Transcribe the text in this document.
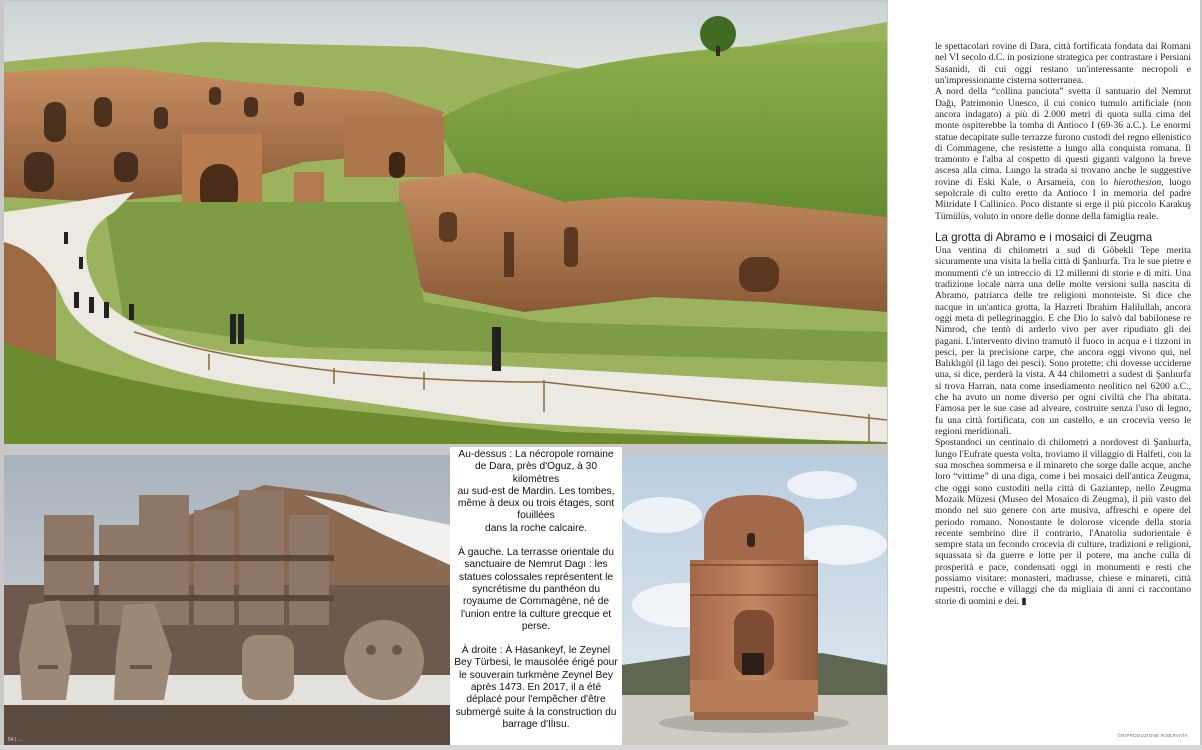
Au-dessus : La nécropole romaine
de Dara, près d'Oguz, à 30
kilomètres
au sud-est de Mardin. Les tombes,
même à deux ou trois étages, sont
fouillées
dans la roche calcaire.

À gauche. La terrasse orientale du
sanctuaire de Nemrut Dagı : les
statues colossales représentent le
syncrétisme du panthéon du
royaume de Commagène, né de
l'union entre la culture grecque et
perse.

À droite : À Hasankeyf, le Zeynel
Bey Türbesi, le mausolée érigé pour
le souverain turkmène Zeynel Bey
après 1473. En 2017, il a été
déplacé pour l'empêcher d'être
submergé suite à la construction du
barrage d'Ilısu.

le spettacolari rovine di Dara, città fortificata fondata dai Romani nel VI secolo d.C. in posizione strategica per contrastare i Persiani Sasanidi, di cui oggi restano un'interessante necropoli e un'impressionante cisterna sotterranea.

A nord della “collina panciuta” svetta il santuario del Nemrut Dağı, Patrimonio Unesco, il cui conico tumulo artificiale (non ancora indagato) a più di 2.000 metri di quota sulla cima del monte ospiterebbe la tomba di Antioco I (69-36 a.C.). Le enormi statue decapitate sulle terrazze furono custodi del regno ellenistico di Commagene, che resistette a lungo alla conquista romana. Il tramonto e l'alba al cospetto di questi giganti valgono la breve ascesa alla cima. Lungo la strada si trovano anche le suggestive rovine di Eski Kale, o Arsameia, con lo hierothesion, luogo sepolcrale di culto eretto da Antioco I in memoria del padre Mitridate I Callinico. Poco distante si erge il più piccolo Karakuş Tümülüs, voluto in onore delle donne della famiglia reale.

La grotta di Abramo e i mosaici di Zeugma

Una ventina di chilometri a sud di Göbekli Tepe merita sicuramente una visita la bella città di Şanlıurfa. Tra le sue pietre e monumenti c'è un intreccio di 12 millenni di storie e di miti. Una tradizione locale narra una delle molte versioni sulla nascita di Abramo, patriarca delle tre religioni monoteiste. Si dice che nacque in un'antica grotta, la Hazreti Ibrahim Halilullah, ancora oggi meta di pellegrinaggio. E che Dio lo salvò dal babilonese re Nimrod, che tentò di arderlo vivo per aver ripudiato gli dei pagani. L'intervento divino tramutò il fuoco in acqua e i tizzoni in pesci, per la precisione carpe, che ancora oggi vivono qui, nel Balıklıgöl (il lago dei pesci). Sono protette: chi dovesse ucciderne una, si dice, perderà la vista. A 44 chilometri a sudest di Şanlıurfa si trova Harran, nata come insediamento neolitico nel 6200 a.C., che ha avuto un nome diverso per ogni civiltà che l'ha abitata. Famosa per le sue case ad alveare, costruite senza l'uso di legno, fu una città fortificata, con un castello, e un crocevia verso le regioni meridionali.

Spostandoci un centinaio di chilometri a nordovest di Şanlıurfa, lungo l'Eufrate questa volta, troviamo il villaggio di Halfeti, con la sua moschea sommersa e il minareto che sorge dalle acque, anche loro “vittime” di una diga, come i bei mosaici dell'antica Zeugma, che oggi sono custoditi nella città di Gaziantep, nello Zeugma Mozaik Müzesi (Museo del Mosaico di Zeugma), il più vasto del mondo nel suo genere con arte musiva, affreschi e opere del periodo romano. Nonostante le dolorose vicende della storia recente sembrino dire il contrario, l'Anatolia sudorientale è sempre stata un fecondo crocevia di culture, tradizioni e religioni, squassata sì da guerre e lotte per il potere, ma anche culla di prosperità e pace, condensati oggi in monumenti e resti che possiamo visitare: monasteri, madrasse, chiese e minareti, città rupestri, rocche e villaggi che da migliaia di anni ci raccontano storie di uomini e dei. ▮

©RIPRODUZIONE RISERVATA
54 | ...
